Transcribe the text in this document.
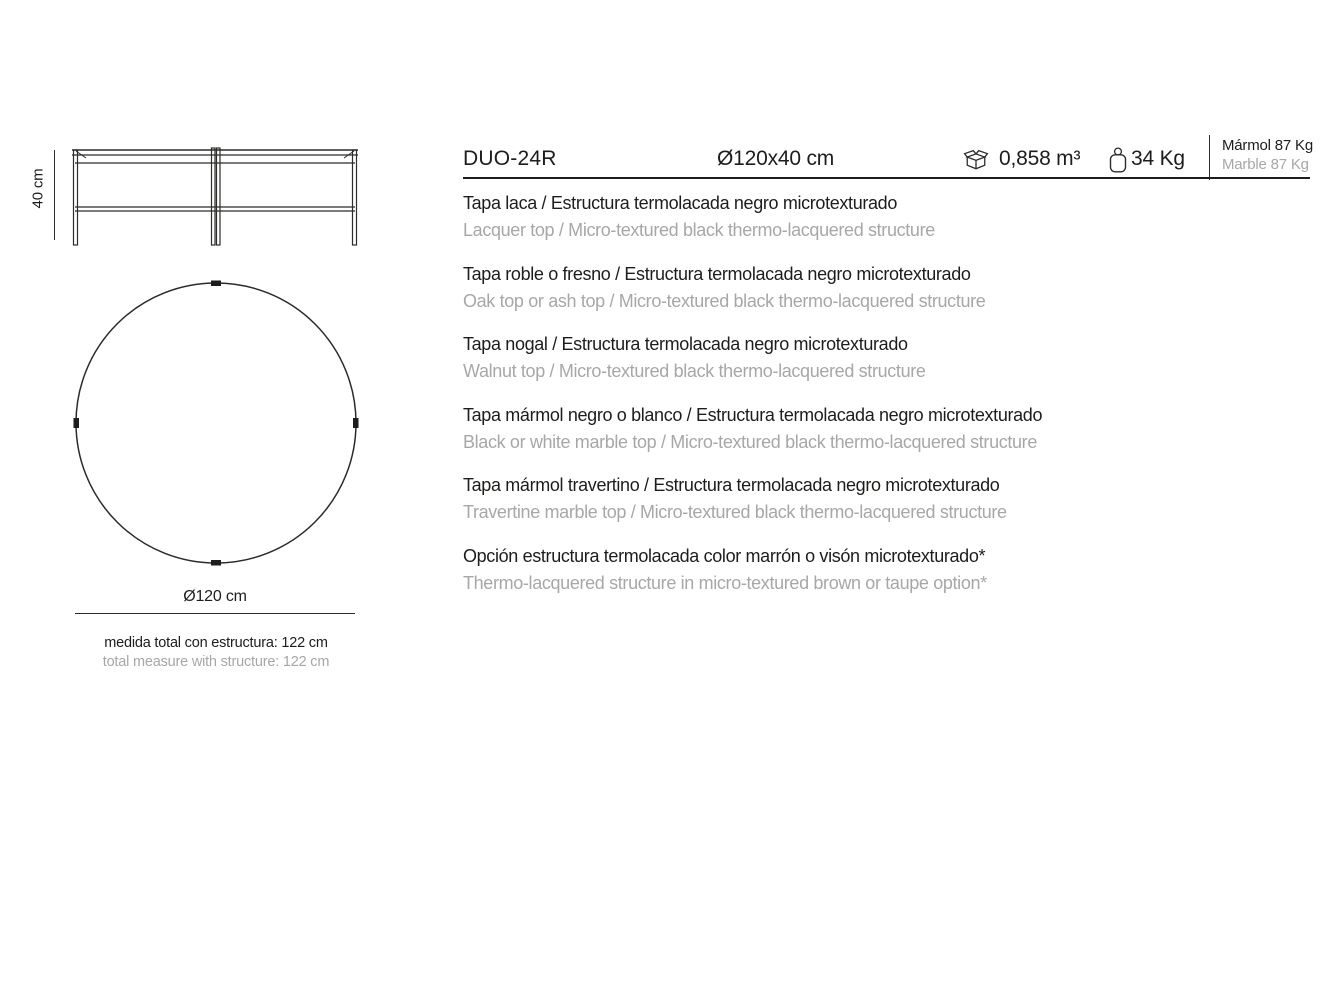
40 cm
Ø120 cm
medida total con estructura: 122 cm
total measure with structure: 122 cm
DUO-24R	Ø120x40 cm	0,858 m³ 34 Kg
Mármol 87 Kg
Marble 87 Kg
Tapa laca / Estructura termolacada negro microtexturado
Lacquer top / Micro-textured black thermo-lacquered structure
Tapa roble o fresno / Estructura termolacada negro microtexturado
Oak top or ash top / Micro-textured black thermo-lacquered structure
Tapa nogal / Estructura termolacada negro microtexturado
Walnut top / Micro-textured black thermo-lacquered structure
Tapa mármol negro o blanco / Estructura termolacada negro microtexturado
Black or white marble top / Micro-textured black thermo-lacquered structure
Tapa mármol travertino / Estructura termolacada negro microtexturado
Travertine marble top / Micro-textured black thermo-lacquered structure
Opción estructura termolacada color marrón o visón microtexturado*
Thermo-lacquered structure in micro-textured brown or taupe option*
